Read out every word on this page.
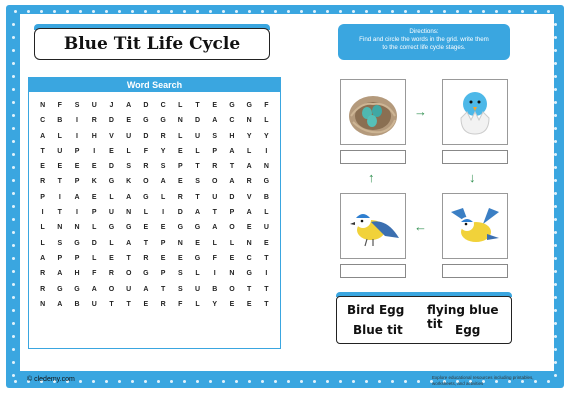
Blue Tit Life Cycle
Directions:
Find and circle the words in the grid. write them
to the correct life cycle stages.
Word Search
N	F	S	U	J	A	D	C	L	T	E	G	G	F
C	B	I	R	D	E	G	G	N	D	A	C	N	L
A	L	I	H	V	U	D	R	L	U	S	H	Y	Y
T	U	P	I	E	L	F	Y	E	L	P	A	L	I
E	E	E	E	D	S	R	S	P	T	R	T	A	N
R	T	P	K	G	K	O	A	E	S	O	A	R	G
P	I	A	E	L	A	G	L	R	T	U	D	V	B
I	T	I	P	U	N	L	I	D	A	T	P	A	L
L	N	N	L	G	G	E	E	G	G	A	O	E	U
L	S	G	D	L	A	T	P	N	E	L	L	N	E
A	P	P	L	E	T	R	E	E	G	F	E	C	T
R	A	H	F	R	O	G	P	S	L	I	N	G	I
R	G	G	A	O	U	A	T	S	U	B	O	T	T
N	A	B	U	T	T	E	R	F	L	Y	E	E	T
→
↓
←
↑
Bird Egg flying blue tit
Blue tit	Egg
© cledemy.com	Explore educational resources including printables, worksheets, and activities
